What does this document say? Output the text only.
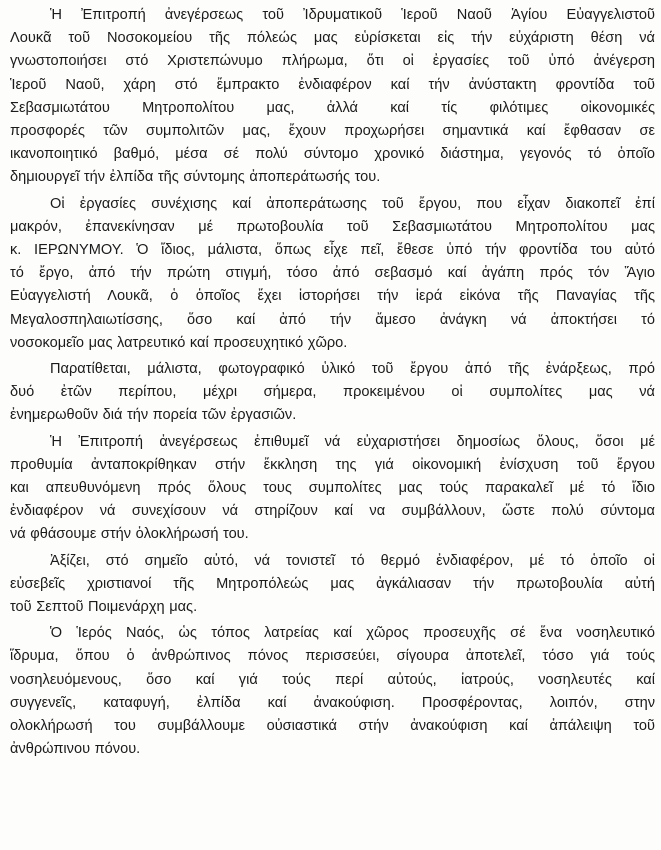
Ἡ Ἐπιτροπή ἀνεγέρσεως τοῦ Ἰδρυματικοῦ Ἱεροῦ Ναοῦ Ἁγίου Εὐαγγελιστοῦ
Λουκᾶ τοῦ Νοσοκομείου τῆς πόλεώς μας εὑρίσκεται εἰς τήν εὐχάριστη θέση νά
γνωστοποιήσει στό Χριστεπώνυμο πλήρωμα, ὅτι οἱ ἐργασίες τοῦ ὑπό ἀνέγερση
Ἱεροῦ Ναοῦ, χάρη στό ἔμπρακτο ἐνδιαφέρον καί τήν ἀνύστακτη φροντίδα τοῦ
Σεβασμιωτάτου Μητροπολίτου μας, ἀλλά καί τίς φιλότιμες οἰκονομικές
προσφορές τῶν συμπολιτῶν μας, ἔχουν προχωρήσει σημαντικά καί ἔφθασαν σε
ικανοποιητικό βαθμό, μέσα σέ πολύ σύντομο χρονικό διάστημα, γεγονός τό ὁποῖο
δημιουργεῖ τήν ἐλπίδα τῆς σύντομης ἀποπεράτωσής του.
Οἱ ἐργασίες συνέχισης καί ἀποπεράτωσης τοῦ ἔργου, που εἶχαν διακοπεῖ ἐπί
μακρόν, ἐπανεκίνησαν μέ πρωτοβουλία τοῦ Σεβασμιωτάτου Μητροπολίτου μας
κ. ΙΕΡΩΝΥΜΟΥ. Ὁ ἴδιος, μάλιστα, ὅπως εἶχε πεῖ, ἔθεσε ὑπό τήν φροντίδα του αὐτό
τό ἔργο, ἀπό τήν πρώτη στιγμή, τόσο ἀπό σεβασμό καί ἀγάπη πρός τόν Ἅγιο
Εὐαγγελιστή Λουκᾶ, ὁ ὁποῖος ἔχει ἱστορήσει τήν ἱερά εἰκόνα τῆς Παναγίας τῆς
Μεγαλοσπηλαιωτίσσης, ὅσο καί ἀπό τήν ἄμεσο ἀνάγκη νά ἀποκτήσει τό
νοσοκομεῖο μας λατρευτικό καί προσευχητικό χῶρο.
Παρατίθεται, μάλιστα, φωτογραφικό ὑλικό τοῦ ἔργου ἀπό τῆς ἐνάρξεως, πρό
δυό ἐτῶν περίπου, μέχρι σήμερα, προκειμένου οἱ συμπολίτες μας νά
ἐνημερωθοῦν διά τήν πορεία τῶν ἐργασιῶν.
Ἡ Ἐπιτροπή ἀνεγέρσεως ἐπιθυμεῖ νά εὐχαριστήσει δημοσίως ὅλους, ὅσοι μέ
προθυμία ἀνταποκρίθηκαν στήν ἔκκληση της γιά οἰκονομική ἐνίσχυση τοῦ ἔργου
και απευθυνόμενη πρός ὅλους τους συμπολίτες μας τούς παρακαλεῖ μέ τό ἴδιο
ἐνδιαφέρον νά συνεχίσουν νά στηρίζουν καί να συμβάλλουν, ὥστε πολύ σύντομα
νά φθάσουμε στήν ὁλοκλήρωσή του.
Ἀξίζει, στό σημεῖο αὐτό, νά τονιστεῖ τό θερμό ἐνδιαφέρον, μέ τό ὁποῖο οἱ
εὐσεβεῖς χριστιανοί τῆς Μητροπόλεώς μας ἀγκάλιασαν τήν πρωτοβουλία αὐτή
τοῦ Σεπτοῦ Ποιμενάρχη μας.
Ὁ Ἱερός Ναός, ὡς τόπος λατρείας καί χῶρος προσευχῆς σέ ἕνα νοσηλευτικό
ἵδρυμα, ὅπου ὁ ἀνθρώπινος πόνος περισσεύει, σίγουρα ἀποτελεῖ, τόσο γιά τούς
νοσηλευόμενους, ὅσο καί γιά τούς περί αὐτούς, ἰατρούς, νοσηλευτές καί
συγγενεῖς, καταφυγή, ἐλπίδα καί ἀνακούφιση. Προσφέροντας, λοιπόν, στην
ολοκλήρωσή του συμβάλλουμε οὐσιαστικά στήν ἀνακούφιση καί ἀπάλειψη τοῦ
ἀνθρώπινου πόνου.
